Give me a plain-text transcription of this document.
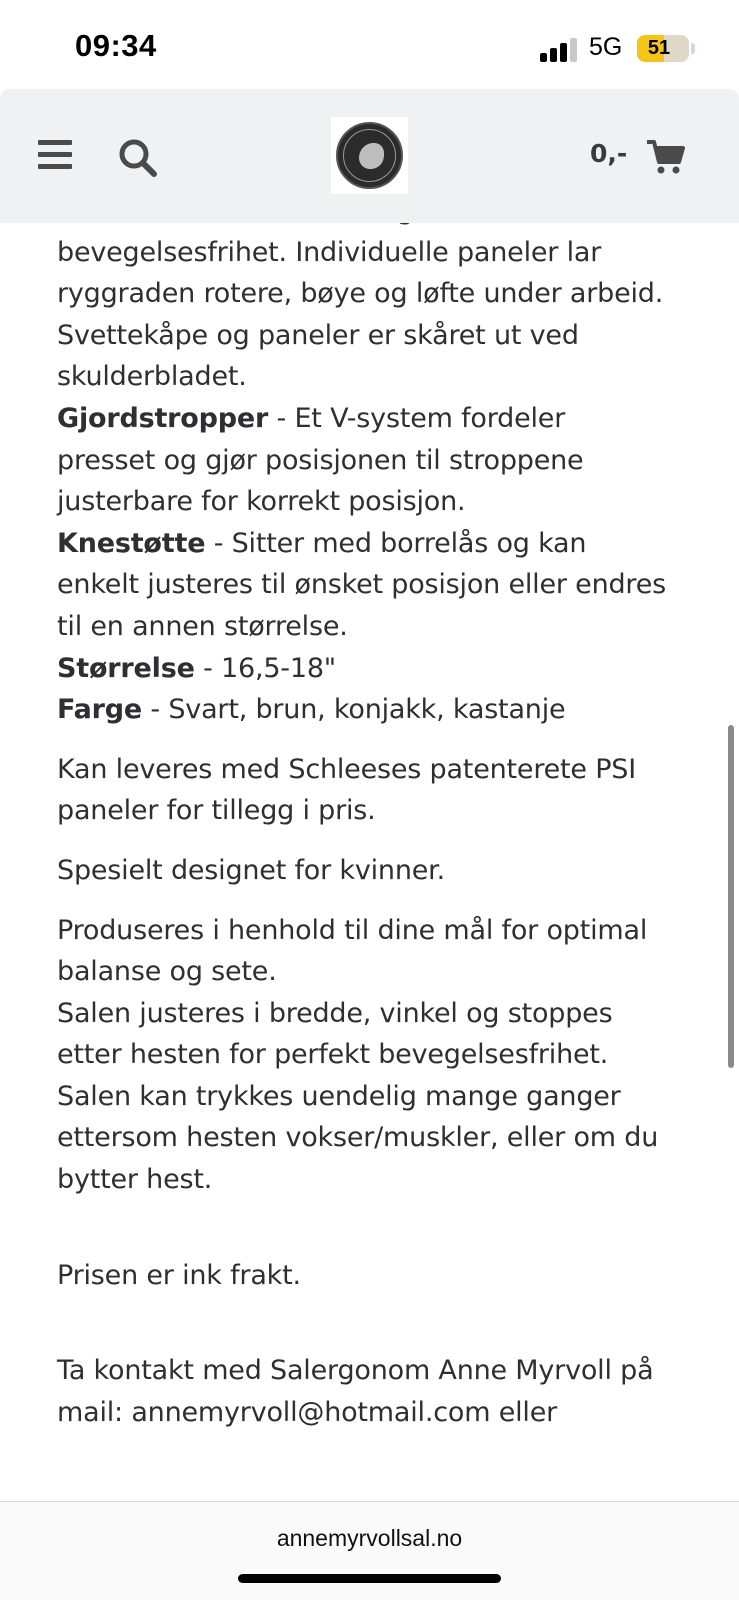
09:34	5G	51
bevegelsesfrihet. Individuelle paneler lar ryggraden rotere, bøye og løfte under arbeid. Svettekåpe og paneler er skåret ut ved skulderbladet.
Gjordstropper - Et V-system fordeler presset og gjør posisjonen til stroppene justerbare for korrekt posisjon.
Knestøtte - Sitter med borrelås og kan enkelt justeres til ønsket posisjon eller endres til en annen størrelse.
Størrelse - 16,5-18"
Farge - Svart, brun, konjakk, kastanje

Kan leveres med Schleeses patenterete PSI paneler for tillegg i pris.

Spesielt designet for kvinner.

Produseres i henhold til dine mål for optimal balanse og sete.
Salen justeres i bredde, vinkel og stoppes etter hesten for perfekt bevegelsesfrihet.
Salen kan trykkes uendelig mange ganger ettersom hesten vokser/muskler, eller om du bytter hest.

Prisen er ink frakt.

Ta kontakt med Salergonom Anne Myrvoll på mail: annemyrvoll@hotmail.com eller

0,-
annemyrvollsal.no
